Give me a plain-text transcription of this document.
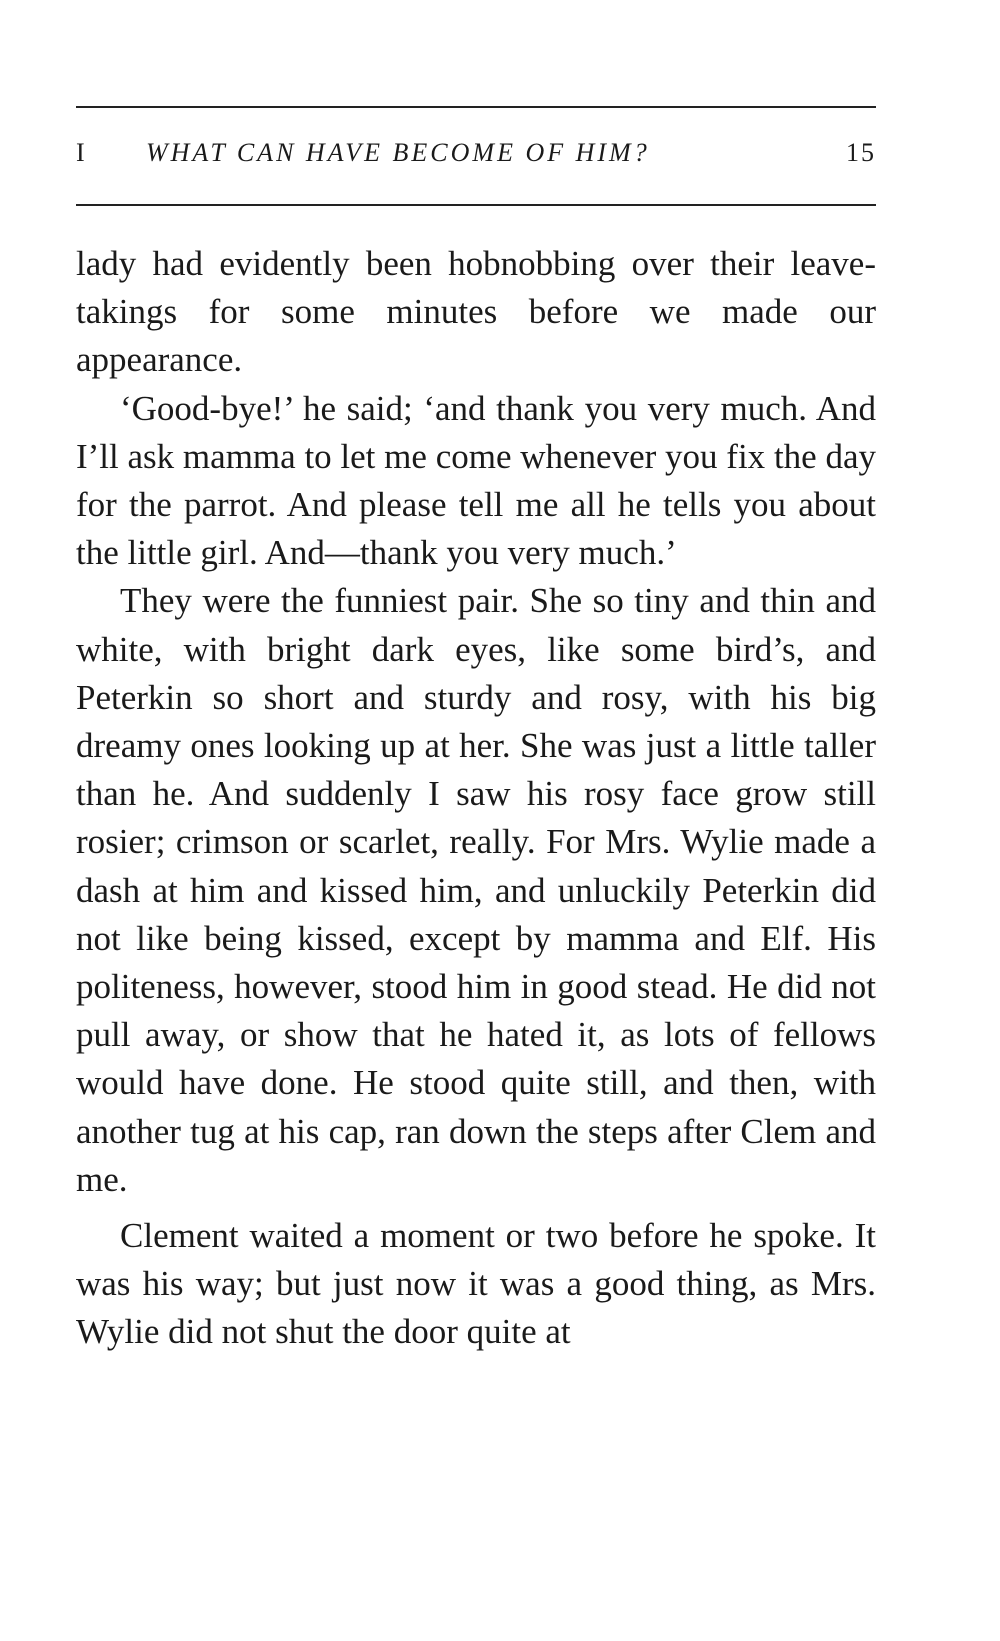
I WHAT CAN HAVE BECOME OF HIM?	15

lady had evidently been hobnobbing over their leave-takings for some minutes before we made our appearance.

‘Good-bye!’ he said; ‘and thank you very much. And I’ll ask mamma to let me come whenever you fix the day for the parrot. And please tell me all he tells you about the little girl. And—thank you very much.’

They were the funniest pair. She so tiny and thin and white, with bright dark eyes, like some bird’s, and Peterkin so short and sturdy and rosy, with his big dreamy ones looking up at her. She was just a little taller than he. And suddenly I saw his rosy face grow still rosier; crimson or scarlet, really. For Mrs. Wylie made a dash at him and kissed him, and unluckily Peterkin did not like being kissed, except by mamma and Elf. His politeness, however, stood him in good stead. He did not pull away, or show that he hated it, as lots of fellows would have done. He stood quite still, and then, with another tug at his cap, ran down the steps after Clem and me.

Clement waited a moment or two before he spoke. It was his way; but just now it was a good thing, as Mrs. Wylie did not shut the door quite at
